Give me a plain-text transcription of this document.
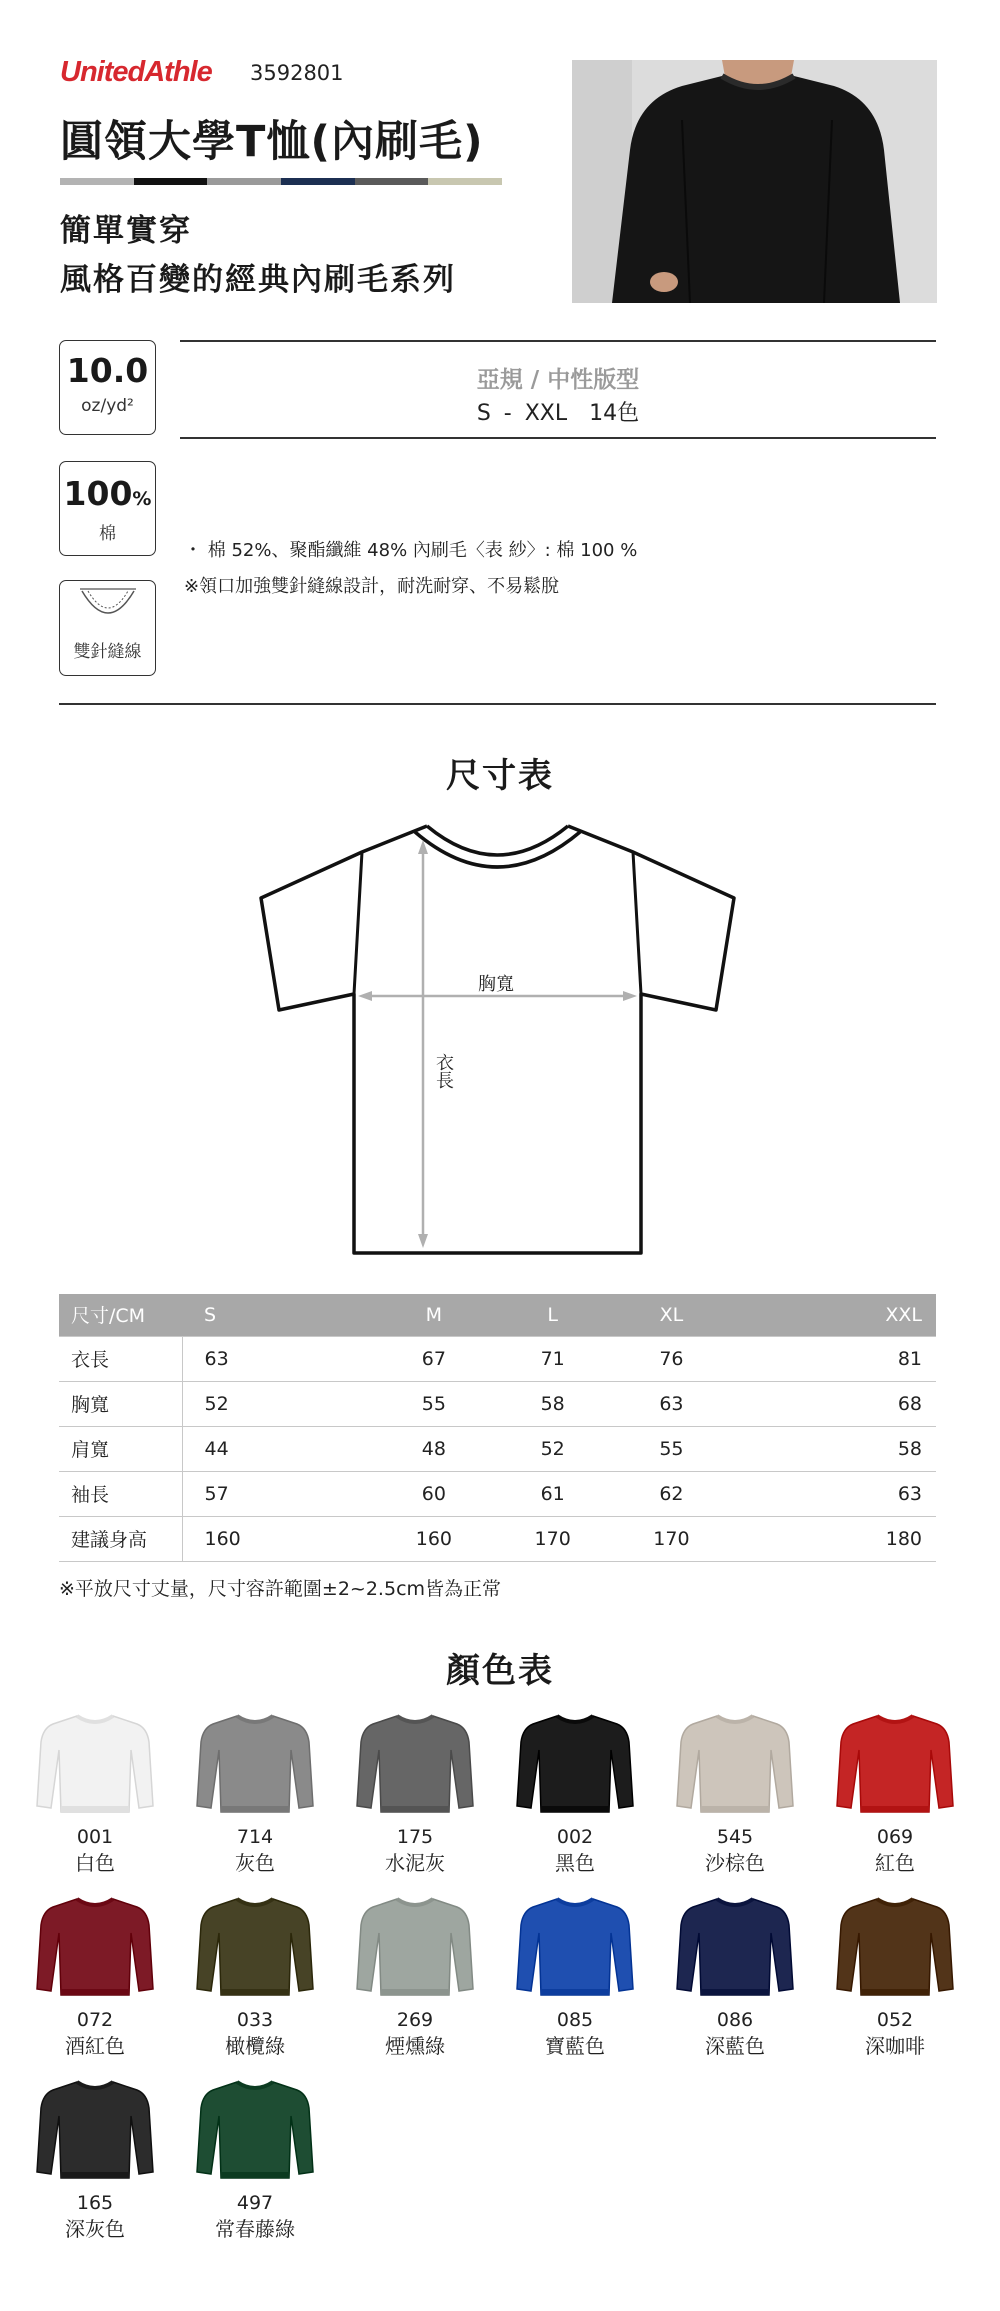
UnitedAthle 3592801
圓領大學T恤(內刷毛)
簡單實穿
風格百變的經典內刷毛系列
10.0
oz/yd²
亞規 / 中性版型
S - XXL　14色
100%
棉
雙針縫線
・ 棉 52%、聚酯纖維 48% 內刷毛〈表 紗〉: 棉 100 %
※領口加強雙針縫線設計，耐洗耐穿、不易鬆脫
尺寸表
胸寬
衣長
尺寸/CM	S	M	L	XL	XXL
衣長	63	67	71	76	81
胸寬	52	55	58	63	68
肩寬	44	48	52	55	58
袖長	57	60	61	62	63
建議身高	160	160	170	170	180
※平放尺寸丈量，尺寸容許範圍±2~2.5cm皆為正常
顏色表
001
白色
714
灰色
175
水泥灰
002
黑色
545
沙棕色
069
紅色
072
酒紅色
033
橄欖綠
269
煙燻綠
085
寶藍色
086
深藍色
052
深咖啡
165
深灰色
497
常春藤綠
